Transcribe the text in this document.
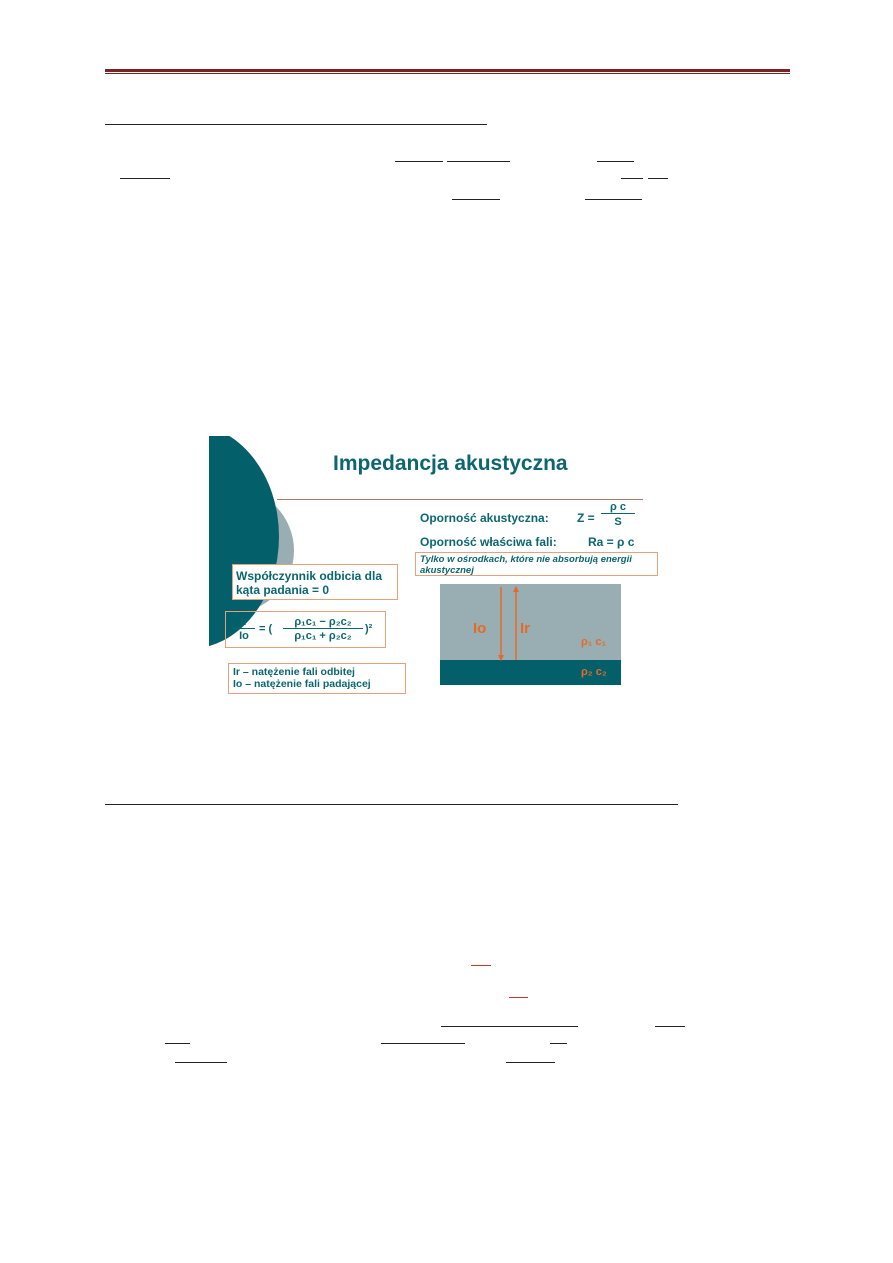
Impedancja akustyczna
Oporność akustyczna: Z =
ρ c
S
Oporność właściwa fali:	Ra = ρ c
Tylko w ośrodkach, które nie absorbują energii akustycznej
Współczynnik odbicia dla
kąta padania = 0
Ir
Io
= (
ρ₁c₁ − ρ₂c₂
ρ₁c₁ + ρ₂c₂
)²
Ir – natężenie fali odbitej
Io – natężenie fali padającej
Io Ir
ρ₁ c₁
ρ₂ c₂
